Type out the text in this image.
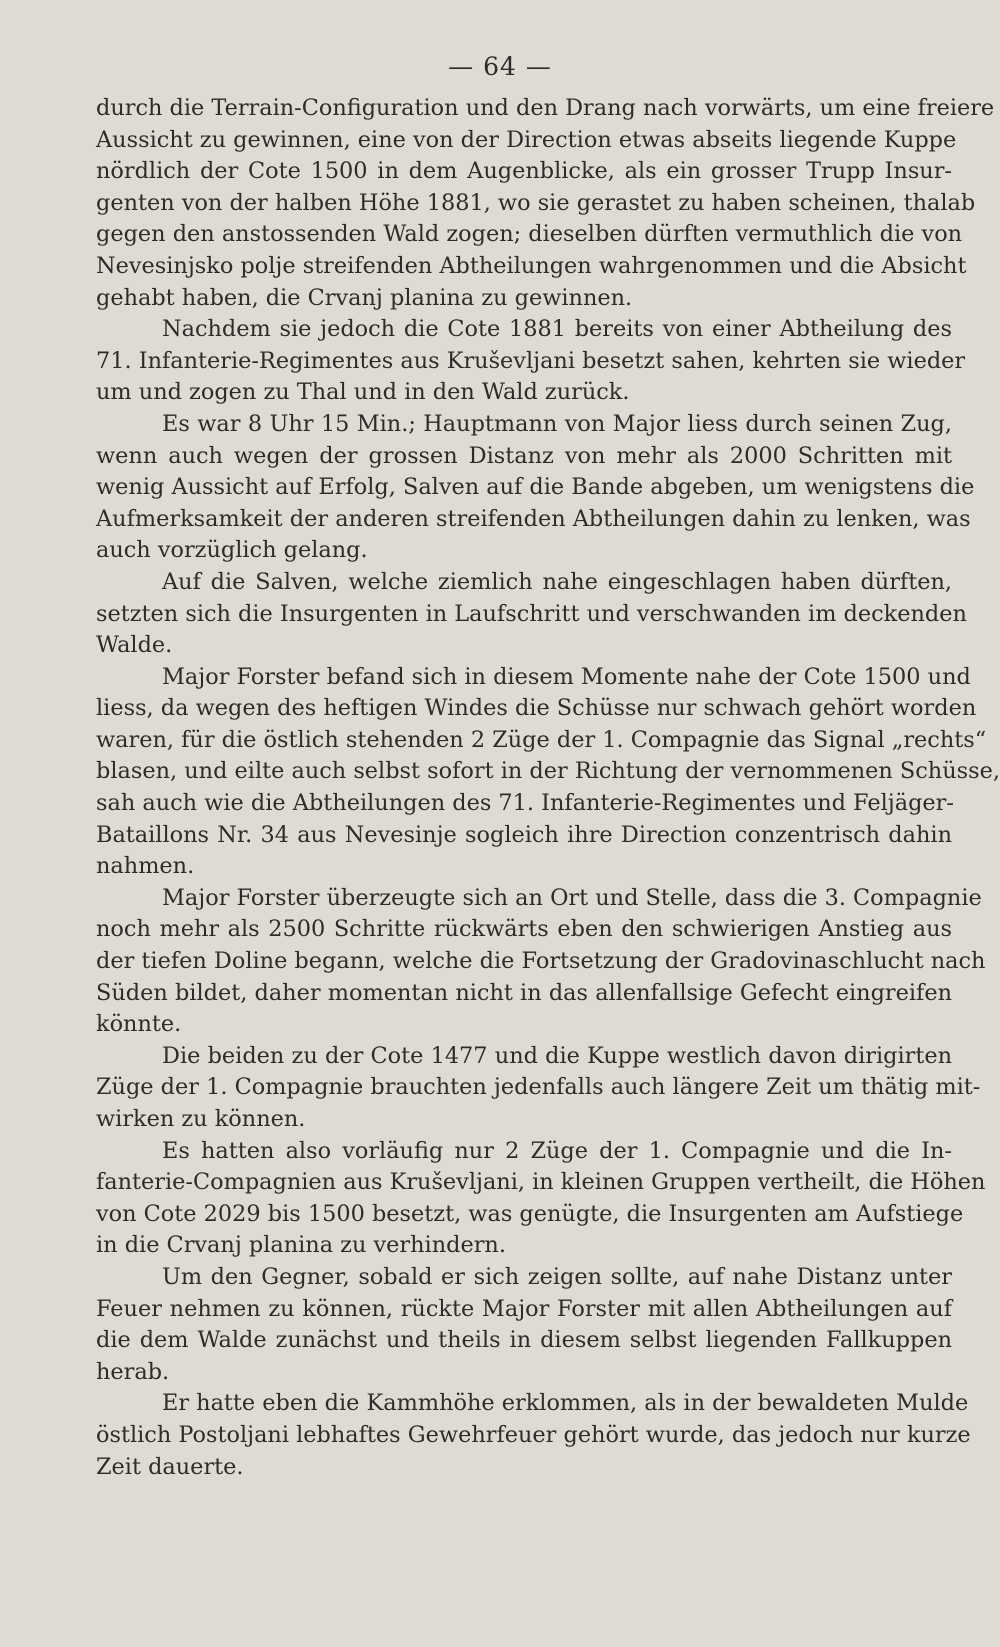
— 64 —
durch die Terrain-Configuration und den Drang nach vorwärts, um eine freiere
Aussicht zu gewinnen, eine von der Direction etwas abseits liegende Kuppe
nördlich der Cote 1500 in dem Augenblicke, als ein grosser Trupp Insur-
genten von der halben Höhe 1881, wo sie gerastet zu haben scheinen, thalab
gegen den anstossenden Wald zogen; dieselben dürften vermuthlich die von
Nevesinjsko polje streifenden Abtheilungen wahrgenommen und die Absicht
gehabt haben, die Crvanj planina zu gewinnen.
Nachdem sie jedoch die Cote 1881 bereits von einer Abtheilung des
71. Infanterie-Regimentes aus Kruševljani besetzt sahen, kehrten sie wieder
um und zogen zu Thal und in den Wald zurück.
Es war 8 Uhr 15 Min.; Hauptmann von Major liess durch seinen Zug,
wenn auch wegen der grossen Distanz von mehr als 2000 Schritten mit
wenig Aussicht auf Erfolg, Salven auf die Bande abgeben, um wenigstens die
Aufmerksamkeit der anderen streifenden Abtheilungen dahin zu lenken, was
auch vorzüglich gelang.
Auf die Salven, welche ziemlich nahe eingeschlagen haben dürften,
setzten sich die Insurgenten in Laufschritt und verschwanden im deckenden
Walde.
Major Forster befand sich in diesem Momente nahe der Cote 1500 und
liess, da wegen des heftigen Windes die Schüsse nur schwach gehört worden
waren, für die östlich stehenden 2 Züge der 1. Compagnie das Signal „rechts“
blasen, und eilte auch selbst sofort in der Richtung der vernommenen Schüsse,
sah auch wie die Abtheilungen des 71. Infanterie-Regimentes und Feljäger-
Bataillons Nr. 34 aus Nevesinje sogleich ihre Direction conzentrisch dahin
nahmen.
Major Forster überzeugte sich an Ort und Stelle, dass die 3. Compagnie
noch mehr als 2500 Schritte rückwärts eben den schwierigen Anstieg aus
der tiefen Doline begann, welche die Fortsetzung der Gradovinaschlucht nach
Süden bildet, daher momentan nicht in das allenfallsige Gefecht eingreifen
könnte.
Die beiden zu der Cote 1477 und die Kuppe westlich davon dirigirten
Züge der 1. Compagnie brauchten jedenfalls auch längere Zeit um thätig mit-
wirken zu können.
Es hatten also vorläufig nur 2 Züge der 1. Compagnie und die In-
fanterie-Compagnien aus Kruševljani, in kleinen Gruppen vertheilt, die Höhen
von Cote 2029 bis 1500 besetzt, was genügte, die Insurgenten am Aufstiege
in die Crvanj planina zu verhindern.
Um den Gegner, sobald er sich zeigen sollte, auf nahe Distanz unter
Feuer nehmen zu können, rückte Major Forster mit allen Abtheilungen auf
die dem Walde zunächst und theils in diesem selbst liegenden Fallkuppen
herab.
Er hatte eben die Kammhöhe erklommen, als in der bewaldeten Mulde
östlich Postoljani lebhaftes Gewehrfeuer gehört wurde, das jedoch nur kurze
Zeit dauerte.
